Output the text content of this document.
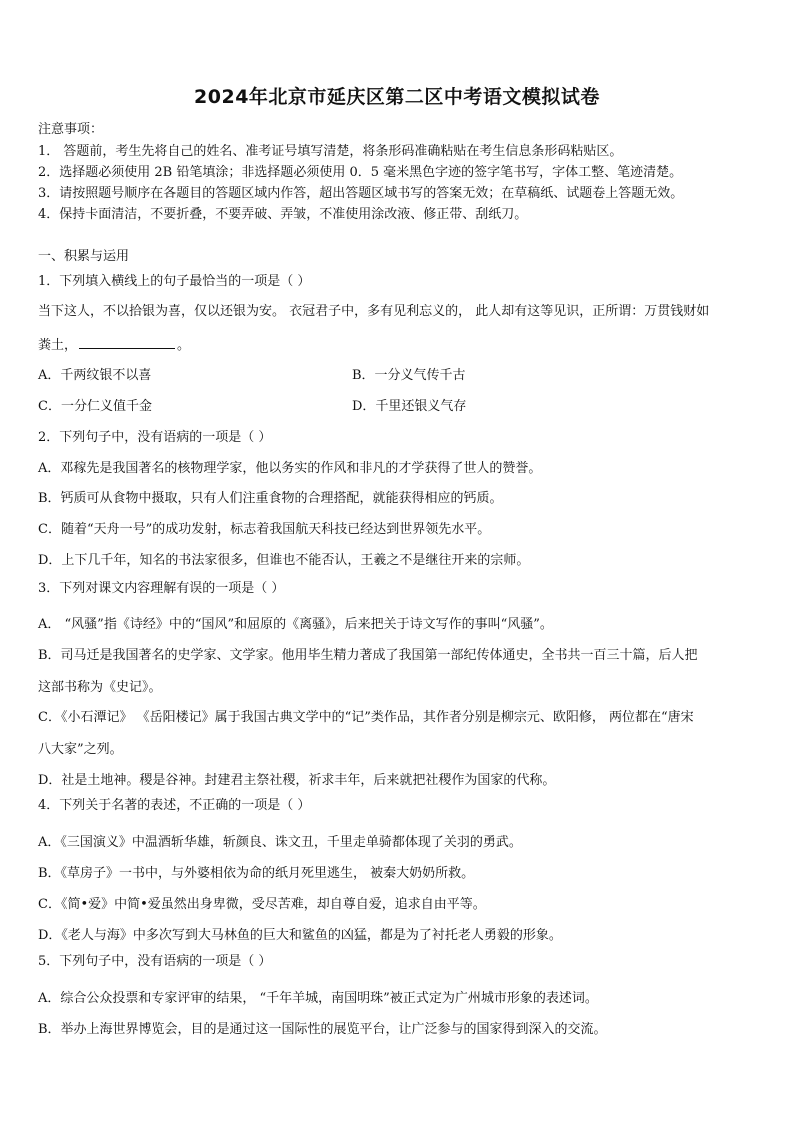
2024年北京市延庆区第二区中考语文模拟试卷
注意事项：
1． 答题前，考生先将自己的姓名、准考证号填写清楚，将条形码准确粘贴在考生信息条形码粘贴区。
2．选择题必须使用 2B 铅笔填涂；非选择题必须使用 0．5 毫米黑色字迹的签字笔书写，字体工整、笔迹清楚。
3．请按照题号顺序在各题目的答题区域内作答，超出答题区域书写的答案无效；在草稿纸、试题卷上答题无效。
4．保持卡面清洁，不要折叠，不要弄破、弄皱，不准使用涂改液、修正带、刮纸刀。
一、积累与运用
1．下列填入横线上的句子最恰当的一项是（ ）
当下这人，不以拾银为喜，仅以还银为安。 衣冠君子中，多有见利忘义的， 此人却有这等见识，正所谓：万贯钱财如
粪土，	。
A．千两纹银不以喜	B．一分义气传千古
C．一分仁义值千金	D．千里还银义气存
2．下列句子中，没有语病的一项是（ ）
A．邓稼先是我国著名的核物理学家，他以务实的作风和非凡的才学获得了世人的赞誉。
B．钙质可从食物中摄取，只有人们注重食物的合理搭配，就能获得相应的钙质。
C．随着“天舟一号”的成功发射，标志着我国航天科技已经达到世界领先水平。
D．上下几千年，知名的书法家很多，但谁也不能否认，王羲之不是继往开来的宗师。
3．下列对课文内容理解有误的一项是（ ）
A． “风骚”指《诗经》中的“国风”和屈原的《离骚》，后来把关于诗文写作的事叫“风骚”。
B．司马迁是我国著名的史学家、文学家。他用毕生精力著成了我国第一部纪传体通史，全书共一百三十篇，后人把
这部书称为《史记》。
C．《小石潭记》 《岳阳楼记》属于我国古典文学中的“记”类作品，其作者分别是柳宗元、欧阳修， 两位都在“唐宋
八大家”之列。
D．社是土地神。稷是谷神。封建君主祭社稷，祈求丰年，后来就把社稷作为国家的代称。
4．下列关于名著的表述，不正确的一项是（ ）
A．《三国演义》中温酒斩华雄，斩颜良、诛文丑，千里走单骑都体现了关羽的勇武。
B．《草房子》一书中，与外婆相依为命的纸月死里逃生， 被秦大奶奶所救。
C．《简•爱》中简•爱虽然出身卑微，受尽苦难，却自尊自爱，追求自由平等。
D．《老人与海》中多次写到大马林鱼的巨大和鲨鱼的凶猛，都是为了衬托老人勇毅的形象。
5．下列句子中，没有语病的一项是（ ）
A．综合公众投票和专家评审的结果， “千年羊城，南国明珠”被正式定为广州城市形象的表述词。
B．举办上海世界博览会，目的是通过这一国际性的展览平台，让广泛参与的国家得到深入的交流。
